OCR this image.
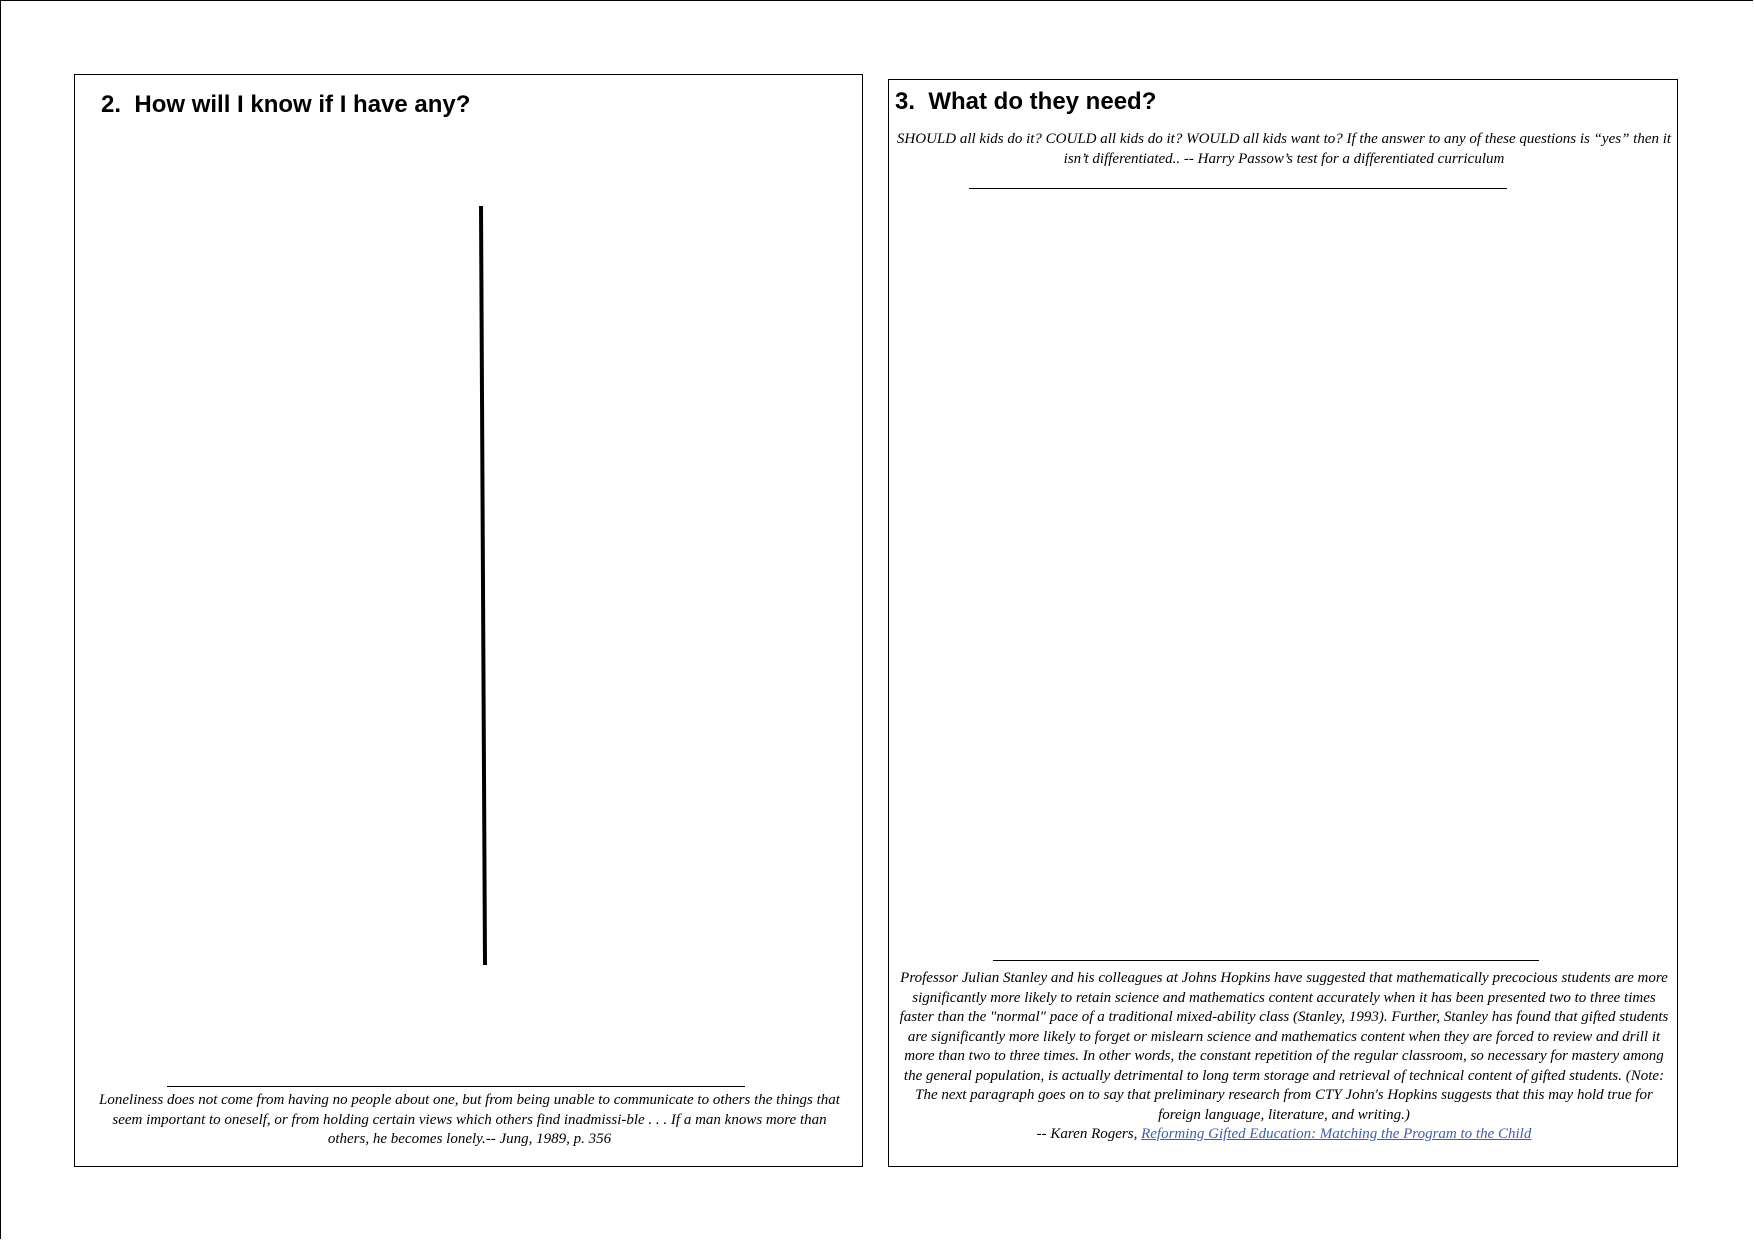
2. How will I know if I have any?

Loneliness does not come from having no people about one, but from being unable to communicate to others the things that seem important to oneself, or from holding certain views which others find inadmissi-ble . . . If a man knows more than others, he becomes lonely.-- Jung, 1989, p. 356

3. What do they need?

SHOULD all kids do it? COULD all kids do it? WOULD all kids want to? If the answer to any of these questions is “yes” then it isn’t differentiated.. -- Harry Passow’s test for a differentiated curriculum

Professor Julian Stanley and his colleagues at Johns Hopkins have suggested that mathematically precocious students are more significantly more likely to retain science and mathematics content accurately when it has been presented two to three times faster than the "normal" pace of a traditional mixed-ability class (Stanley, 1993). Further, Stanley has found that gifted students are significantly more likely to forget or mislearn science and mathematics content when they are forced to review and drill it more than two to three times. In other words, the constant repetition of the regular classroom, so necessary for mastery among the general population, is actually detrimental to long term storage and retrieval of technical content of gifted students. (Note: The next paragraph goes on to say that preliminary research from CTY John's Hopkins suggests that this may hold true for foreign language, literature, and writing.)
-- Karen Rogers, Reforming Gifted Education: Matching the Program to the Child
